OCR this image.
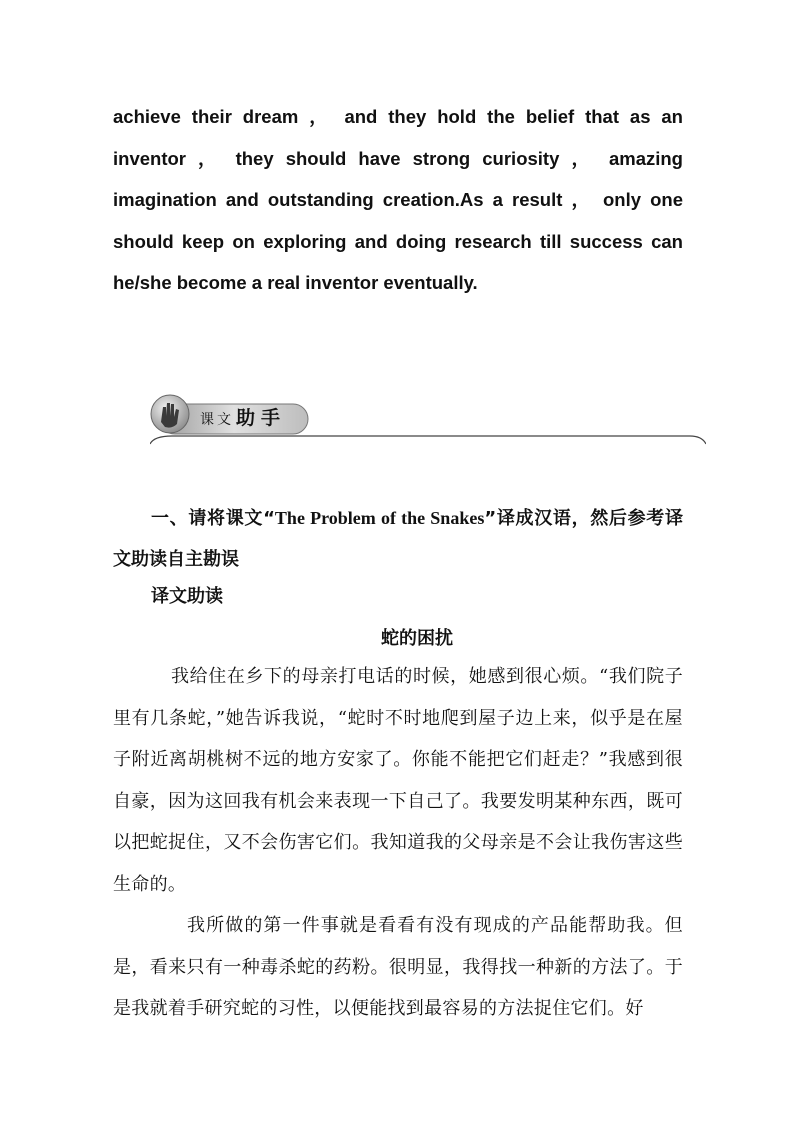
achieve their dream ， and they hold the belief that as an inventor ， they should have strong curiosity ， amazing imagination and outstanding creation.As a result ， only one should keep on exploring and doing research till success can he/she become a real inventor eventually.

课文 助手

一、请将课文“The Problem of the Snakes”译成汉语，然后参考译文助读自主勘误

译文助读

蛇的困扰

我给住在乡下的母亲打电话的时候，她感到很心烦。“我们院子里有几条蛇，”她告诉我说，“蛇时不时地爬到屋子边上来，似乎是在屋子附近离胡桃树不远的地方安家了。你能不能把它们赶走？”我感到很自豪，因为这回我有机会来表现一下自己了。我要发明某种东西，既可以把蛇捉住，又不会伤害它们。我知道我的父母亲是不会让我伤害这些生命的。

我所做的第一件事就是看看有没有现成的产品能帮助我。但是，看来只有一种毒杀蛇的药粉。很明显，我得找一种新的方法了。于是我就着手研究蛇的习性，以便能找到最容易的方法捉住它们。好
